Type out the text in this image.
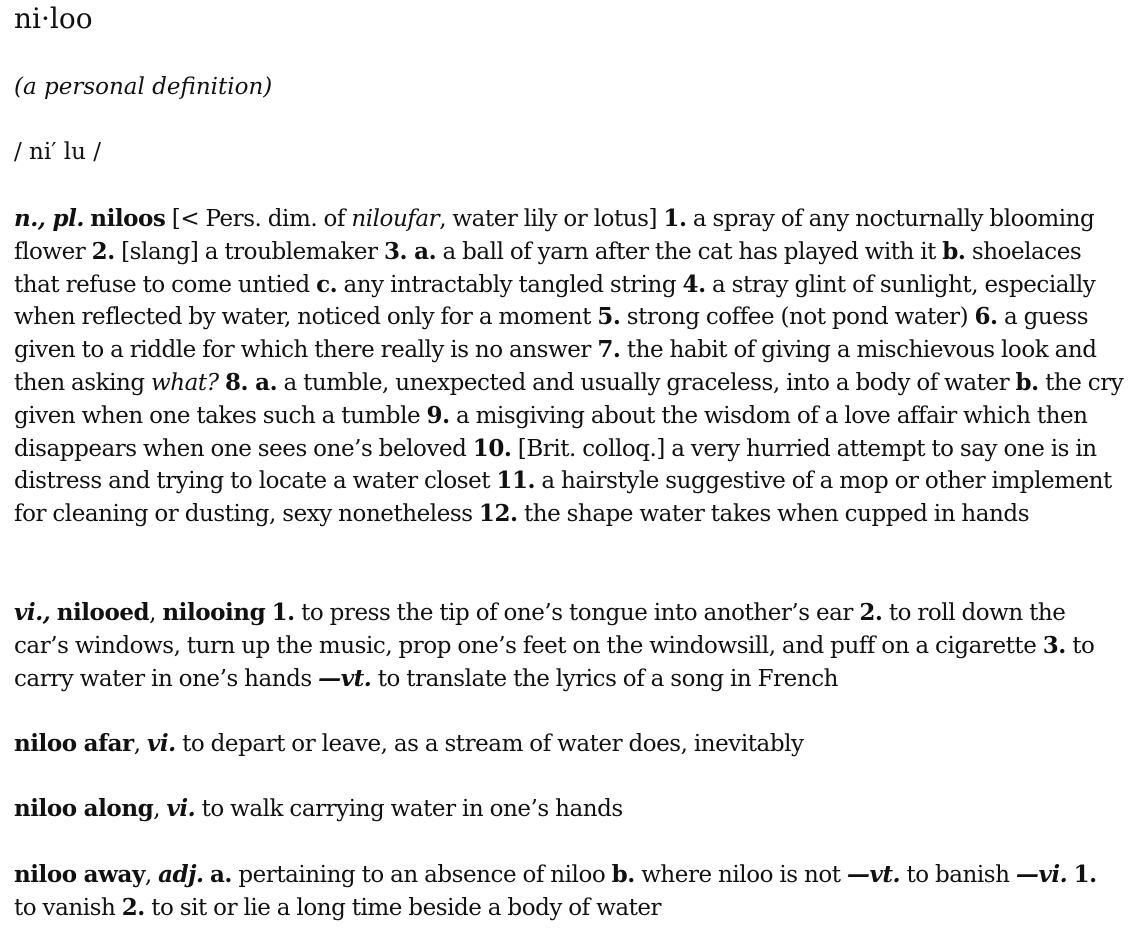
ni·loo

(a personal definition)

/ ni′ lu /

n., pl. niloos [< Pers. dim. of niloufar, water lily or lotus] 1. a spray of any nocturnally blooming flower 2. [slang] a troublemaker 3. a. a ball of yarn after the cat has played with it b. shoelaces that refuse to come untied c. any intractably tangled string 4. a stray glint of sunlight, especially when reflected by water, noticed only for a moment 5. strong coffee (not pond water) 6. a guess given to a riddle for which there really is no answer 7. the habit of giving a mischievous look and then asking what? 8. a. a tumble, unexpected and usually graceless, into a body of water b. the cry given when one takes such a tumble 9. a misgiving about the wisdom of a love affair which then disappears when one sees one’s beloved 10. [Brit. colloq.] a very hurried attempt to say one is in distress and trying to locate a water closet 11. a hairstyle suggestive of a mop or other implement for cleaning or dusting, sexy nonetheless 12. the shape water takes when cupped in hands

vi., nilooed, nilooing 1. to press the tip of one’s tongue into another’s ear 2. to roll down the car’s windows, turn up the music, prop one’s feet on the windowsill, and puff on a cigarette 3. to carry water in one’s hands —vt. to translate the lyrics of a song in French

niloo afar, vi. to depart or leave, as a stream of water does, inevitably

niloo along, vi. to walk carrying water in one’s hands

niloo away, adj. a. pertaining to an absence of niloo b. where niloo is not —vt. to banish —vi. 1. to vanish 2. to sit or lie a long time beside a body of water
